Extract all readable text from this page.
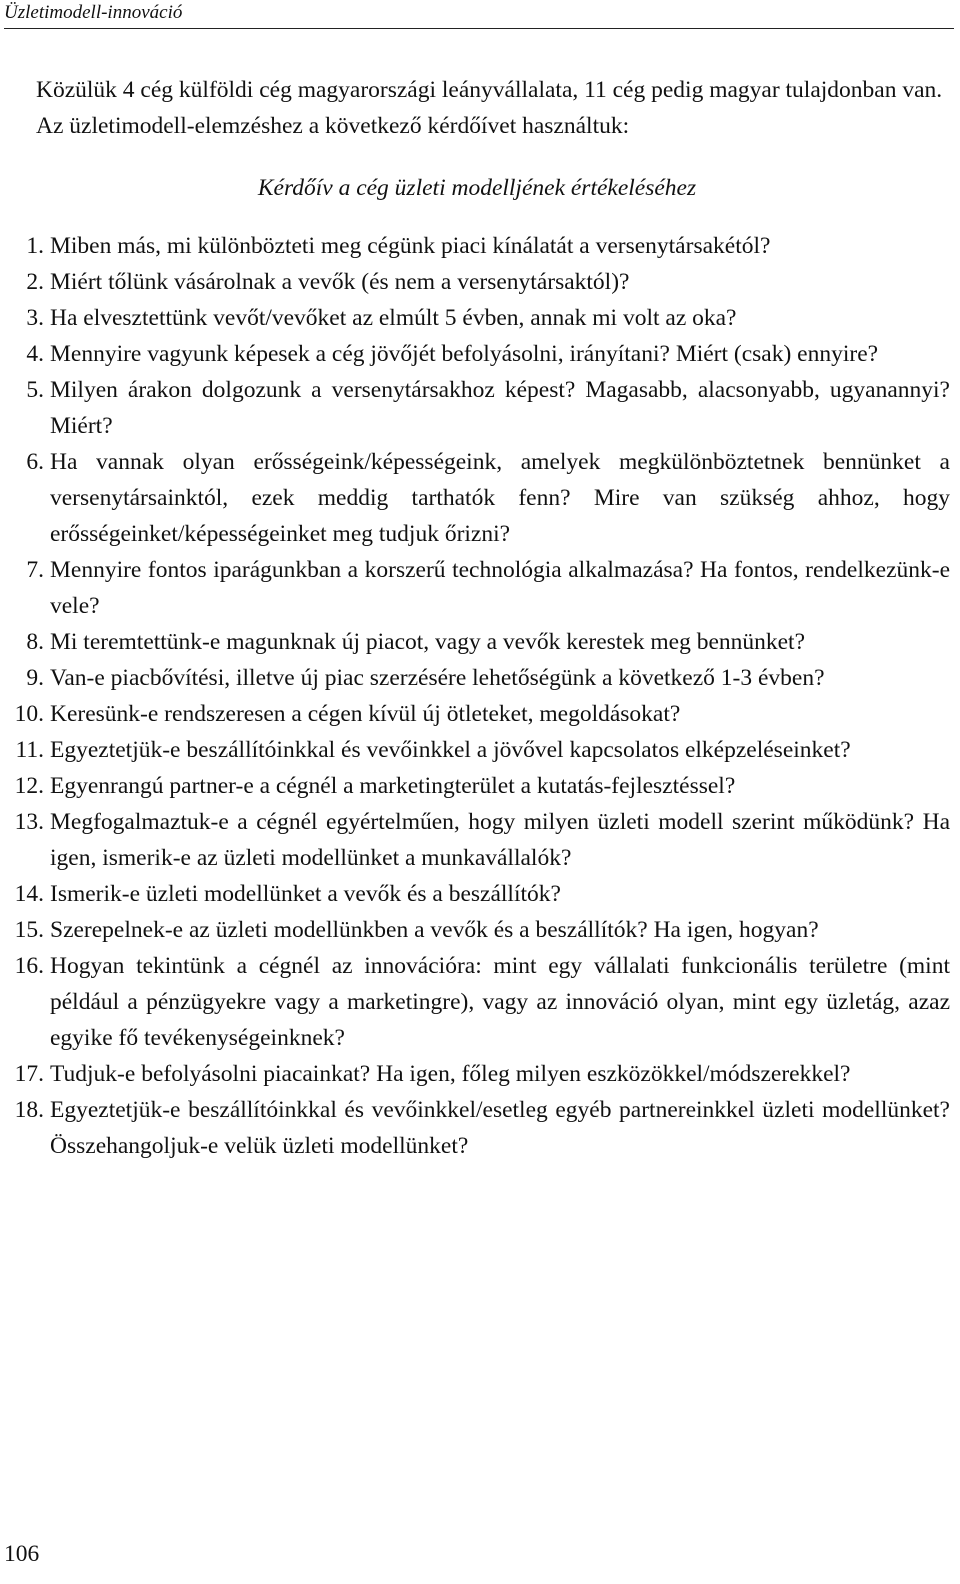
Üzletimodell-innováció

Közülük 4 cég külföldi cég magyarországi leányvállalata, 11 cég pedig magyar tulajdonban van.

Az üzletimodell-elemzéshez a következő kérdőívet használtuk:

Kérdőív a cég üzleti modelljének értékeléséhez
1. Miben más, mi különbözteti meg cégünk piaci kínálatát a versenytársakétól?
2. Miért tőlünk vásárolnak a vevők (és nem a versenytársaktól)?
3. Ha elvesztettünk vevőt/vevőket az elmúlt 5 évben, annak mi volt az oka?
4. Mennyire vagyunk képesek a cég jövőjét befolyásolni, irányítani? Miért (csak) ennyire?
5. Milyen árakon dolgozunk a versenytársakhoz képest? Magasabb, alacsonyabb, ugyanannyi? Miért?
6. Ha vannak olyan erősségeink/képességeink, amelyek megkülönböztetnek bennünket a versenytársainktól, ezek meddig tarthatók fenn? Mire van szükség ahhoz, hogy erősségeinket/képességeinket meg tudjuk őrizni?
7. Mennyire fontos iparágunkban a korszerű technológia alkalmazása? Ha fontos, rendelkezünk-e vele?
8. Mi teremtettünk-e magunknak új piacot, vagy a vevők kerestek meg bennünket?
9. Van-e piacbővítési, illetve új piac szerzésére lehetőségünk a következő 1-3 évben?
10. Keresünk-e rendszeresen a cégen kívül új ötleteket, megoldásokat?
11. Egyeztetjük-e beszállítóinkkal és vevőinkkel a jövővel kapcsolatos elképzeléseinket?
12. Egyenrangú partner-e a cégnél a marketingterület a kutatás-fejlesztéssel?
13. Megfogalmaztuk-e a cégnél egyértelműen, hogy milyen üzleti modell szerint működünk? Ha igen, ismerik-e az üzleti modellünket a munkavállalók?
14. Ismerik-e üzleti modellünket a vevők és a beszállítók?
15. Szerepelnek-e az üzleti modellünkben a vevők és a beszállítók? Ha igen, hogyan?
16. Hogyan tekintünk a cégnél az innovációra: mint egy vállalati funkcionális területre (mint például a pénzügyekre vagy a marketingre), vagy az innováció olyan, mint egy üzletág, azaz egyike fő tevékenységeinknek?
17. Tudjuk-e befolyásolni piacainkat? Ha igen, főleg milyen eszközökkel/módszerekkel?
18. Egyeztetjük-e beszállítóinkkal és vevőinkkel/esetleg egyéb partnereinkkel üzleti modellünket? Összehangoljuk-e velük üzleti modellünket?
106
